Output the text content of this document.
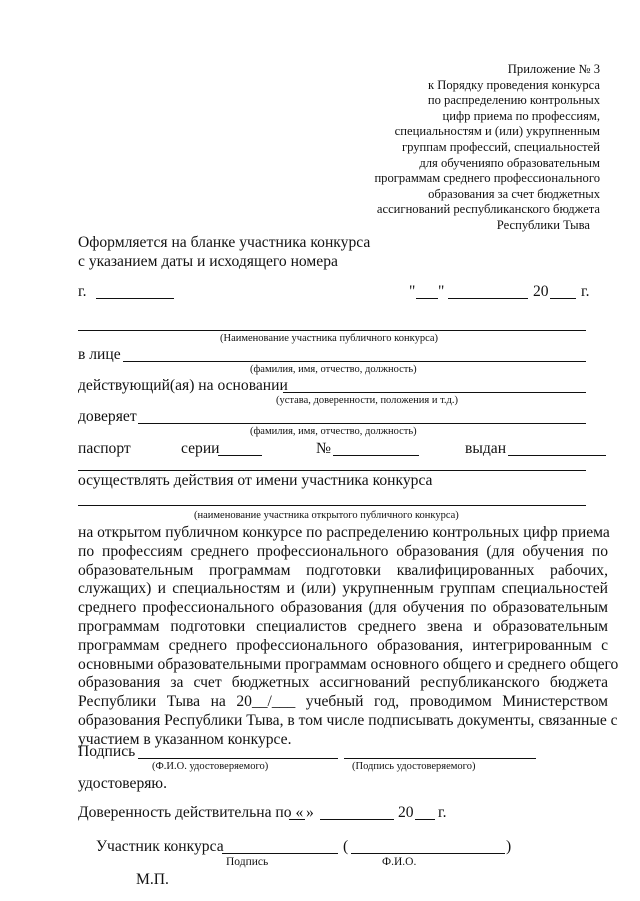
Приложение № 3
к Порядку проведения конкурса
по распределению контрольных
цифр приема по профессиям,
специальностям и (или) укрупненным
группам профессий, специальностей
для обученияпо образовательным
программам среднего профессионального
образования за счет бюджетных
ассигнований республиканского бюджета
Республики Тыва
Оформляется на бланке участника конкурса
с указанием даты и исходящего номера
г.	" "	20 г.
(Наименование участника публичного конкурса)
в лице
(фамилия, имя, отчество, должность)
действующий(ая) на основании
(устава, доверенности, положения и т.д.)
доверяет
(фамилия, имя, отчество, должность)
паспорт	серии	№	выдан
осуществлять действия от имени участника конкурса
(наименование участника открытого публичного конкурса)
на открытом публичном конкурсе по распределению контрольных цифр приема
по профессиям среднего профессионального образования (для обучения по
образовательным программам подготовки квалифицированных рабочих,
служащих) и специальностям и (или) укрупненным группам специальностей
среднего профессионального образования (для обучения по образовательным
программам подготовки специалистов среднего звена и образовательным
программам среднего профессионального образования, интегрированным с
основными образовательными программам основного общего и среднего общего
образования за счет бюджетных ассигнований республиканского бюджета
Республики Тыва на 20__/___ учебный год, проводимом Министерством
образования Республики Тыва, в том числе подписывать документы, связанные с
участием в указанном конкурсе.
Подпись
(Ф.И.О. удостоверяемого)	(Подпись удостоверяемого)
удостоверяю.
Доверенность действительна по « »	20 г.
Участник конкурса	(	)
Подпись	Ф.И.О.
М.П.
